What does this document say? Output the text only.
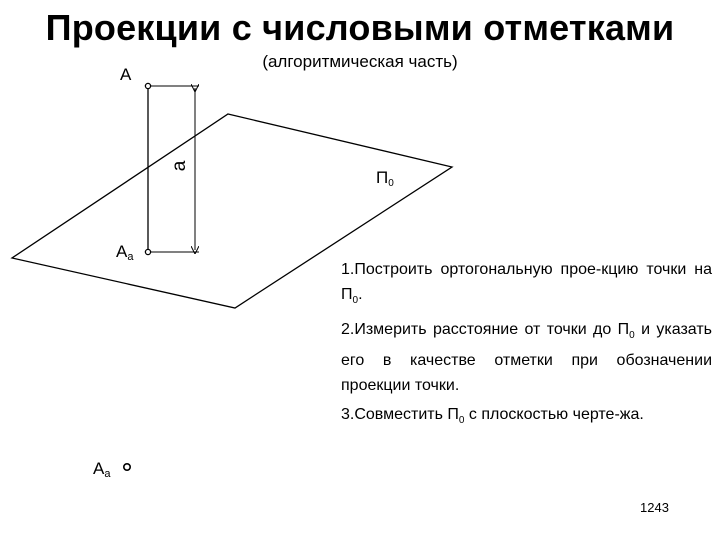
Проекции с числовыми отметками
(алгоритмическая часть)
A
Aa
a
П0
Aa
1.Построить ортогональную прое-кцию точки на $П_0$.
2.Измерить расстояние от точки до $П_0$ и указать его в качестве отметки при обозначении проекции точки.
3.Совместить $П_0$ с плоскостью черте-жа.
1243
